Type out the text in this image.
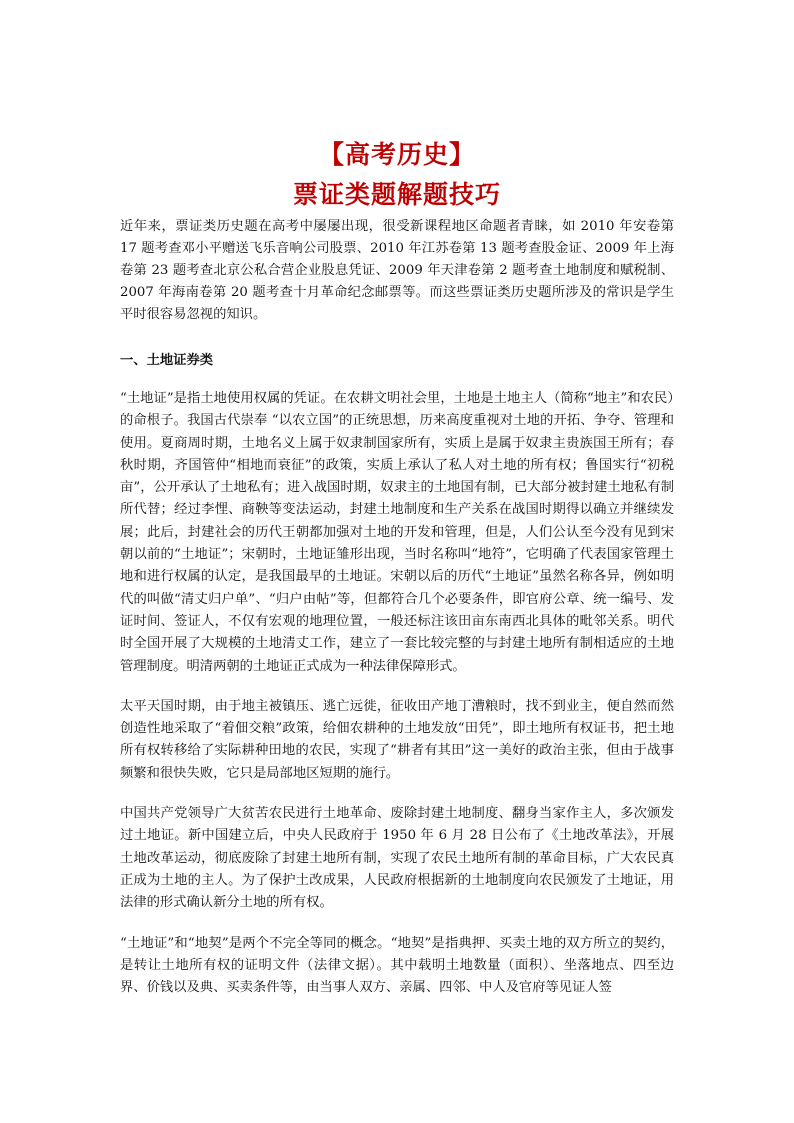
【高考历史】
票证类题解题技巧

近年来，票证类历史题在高考中屡屡出现，很受新课程地区命题者青睐，如 2010 年安卷第 17 题考查邓小平赠送飞乐音响公司股票、2010 年江苏卷第 13 题考查股金证、2009 年上海卷第 23 题考查北京公私合营企业股息凭证、2009 年天津卷第 2 题考查土地制度和赋税制、2007 年海南卷第 20 题考查十月革命纪念邮票等。而这些票证类历史题所涉及的常识是学生平时很容易忽视的知识。

一、土地证券类

“土地证”是指土地使用权属的凭证。在农耕文明社会里，土地是土地主人（简称“地主”和农民）的命根子。我国古代崇奉 “以农立国”的正统思想，历来高度重视对土地的开拓、争夺、管理和使用。夏商周时期，土地名义上属于奴隶制国家所有，实质上是属于奴隶主贵族国王所有；春秋时期，齐国管仲“相地而衰征”的政策，实质上承认了私人对土地的所有权；鲁国实行“初税亩”，公开承认了土地私有；进入战国时期，奴隶主的土地国有制，已大部分被封建土地私有制所代替；经过李悝、商鞅等变法运动，封建土地制度和生产关系在战国时期得以确立并继续发展；此后，封建社会的历代王朝都加强对土地的开发和管理，但是，人们公认至今没有见到宋朝以前的“土地证”；宋朝时，土地证雏形出现，当时名称叫“地符”，它明确了代表国家管理土地和进行权属的认定，是我国最早的土地证。宋朝以后的历代“土地证”虽然名称各异，例如明代的叫做“清丈归户单”、“归户由帖”等，但都符合几个必要条件，即官府公章、统一编号、发证时间、签证人，不仅有宏观的地理位置，一般还标注该田亩东南西北具体的毗邻关系。明代时全国开展了大规模的土地清丈工作，建立了一套比较完整的与封建土地所有制相适应的土地管理制度。明清两朝的土地证正式成为一种法律保障形式。

太平天国时期，由于地主被镇压、逃亡远徙，征收田产地丁漕粮时，找不到业主，便自然而然创造性地采取了“着佃交粮”政策，给佃农耕种的土地发放“田凭”，即土地所有权证书，把土地所有权转移给了实际耕种田地的农民，实现了“耕者有其田”这一美好的政治主张，但由于战事频繁和很快失败，它只是局部地区短期的施行。

中国共产党领导广大贫苦农民进行土地革命、废除封建土地制度、翻身当家作主人，多次颁发过土地证。新中国建立后，中央人民政府于 1950 年 6 月 28 日公布了《土地改革法》，开展土地改革运动，彻底废除了封建土地所有制，实现了农民土地所有制的革命目标，广大农民真正成为土地的主人。为了保护土改成果，人民政府根据新的土地制度向农民颁发了土地证，用法律的形式确认新分土地的所有权。

“土地证”和“地契”是两个不完全等同的概念。“地契”是指典押、买卖土地的双方所立的契约，是转让土地所有权的证明文件（法律文据）。其中载明土地数量（面积）、坐落地点、四至边界、价钱以及典、买卖条件等，由当事人双方、亲属、四邻、中人及官府等见证人签
